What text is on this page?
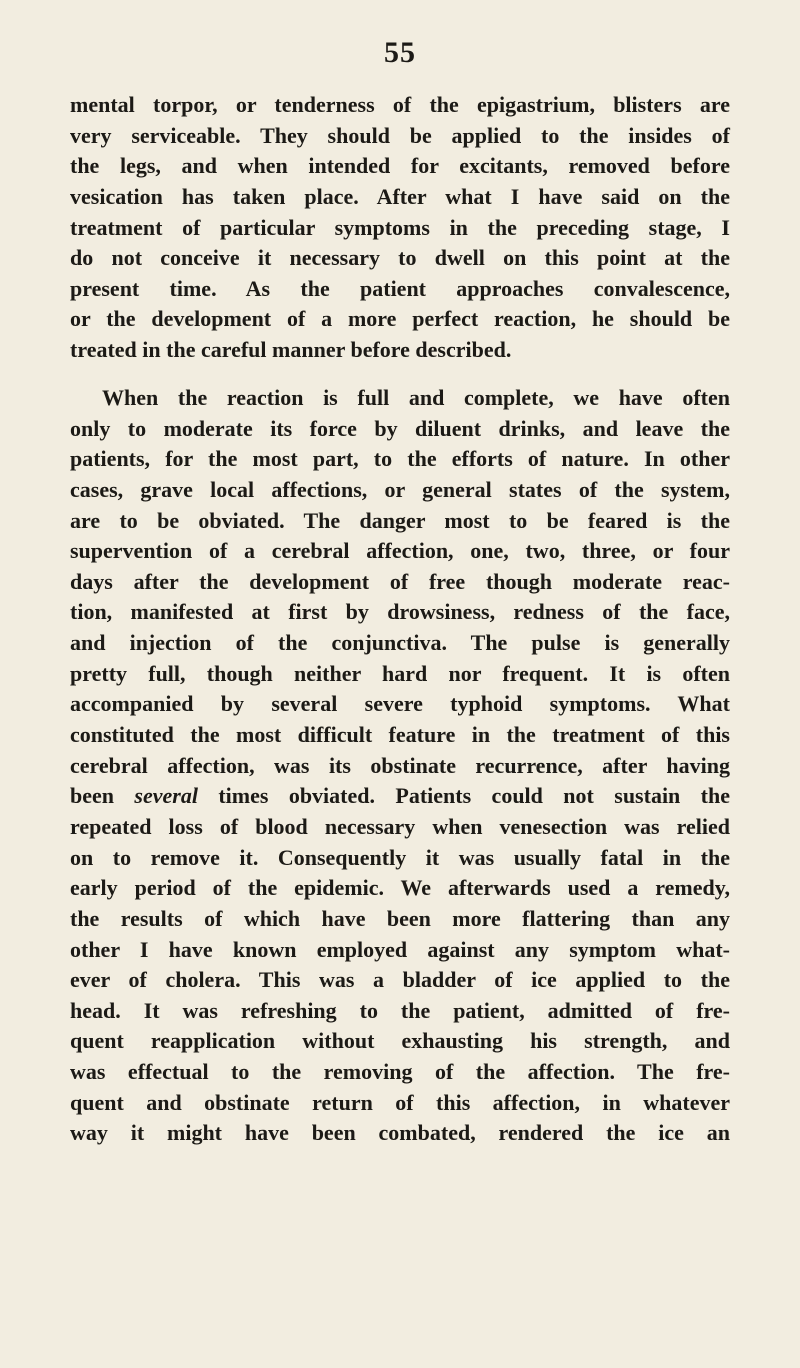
55
mental torpor, or tenderness of the epigastrium, blisters are
very serviceable. They should be applied to the insides of
the legs, and when intended for excitants, removed before
vesication has taken place. After what I have said on the
treatment of particular symptoms in the preceding stage, I
do not conceive it necessary to dwell on this point at the
present time. As the patient approaches convalescence,
or the development of a more perfect reaction, he should be
treated in the careful manner before described.
When the reaction is full and complete, we have often
only to moderate its force by diluent drinks, and leave the
patients, for the most part, to the efforts of nature. In other
cases, grave local affections, or general states of the system,
are to be obviated. The danger most to be feared is the
supervention of a cerebral affection, one, two, three, or four
days after the development of free though moderate reac-
tion, manifested at first by drowsiness, redness of the face,
and injection of the conjunctiva. The pulse is generally
pretty full, though neither hard nor frequent. It is often
accompanied by several severe typhoid symptoms. What
constituted the most difficult feature in the treatment of this
cerebral affection, was its obstinate recurrence, after having
been several times obviated. Patients could not sustain the
repeated loss of blood necessary when venesection was relied
on to remove it. Consequently it was usually fatal in the
early period of the epidemic. We afterwards used a remedy,
the results of which have been more flattering than any
other I have known employed against any symptom what-
ever of cholera. This was a bladder of ice applied to the
head. It was refreshing to the patient, admitted of fre-
quent reapplication without exhausting his strength, and
was effectual to the removing of the affection. The fre-
quent and obstinate return of this affection, in whatever
way it might have been combated, rendered the ice an
